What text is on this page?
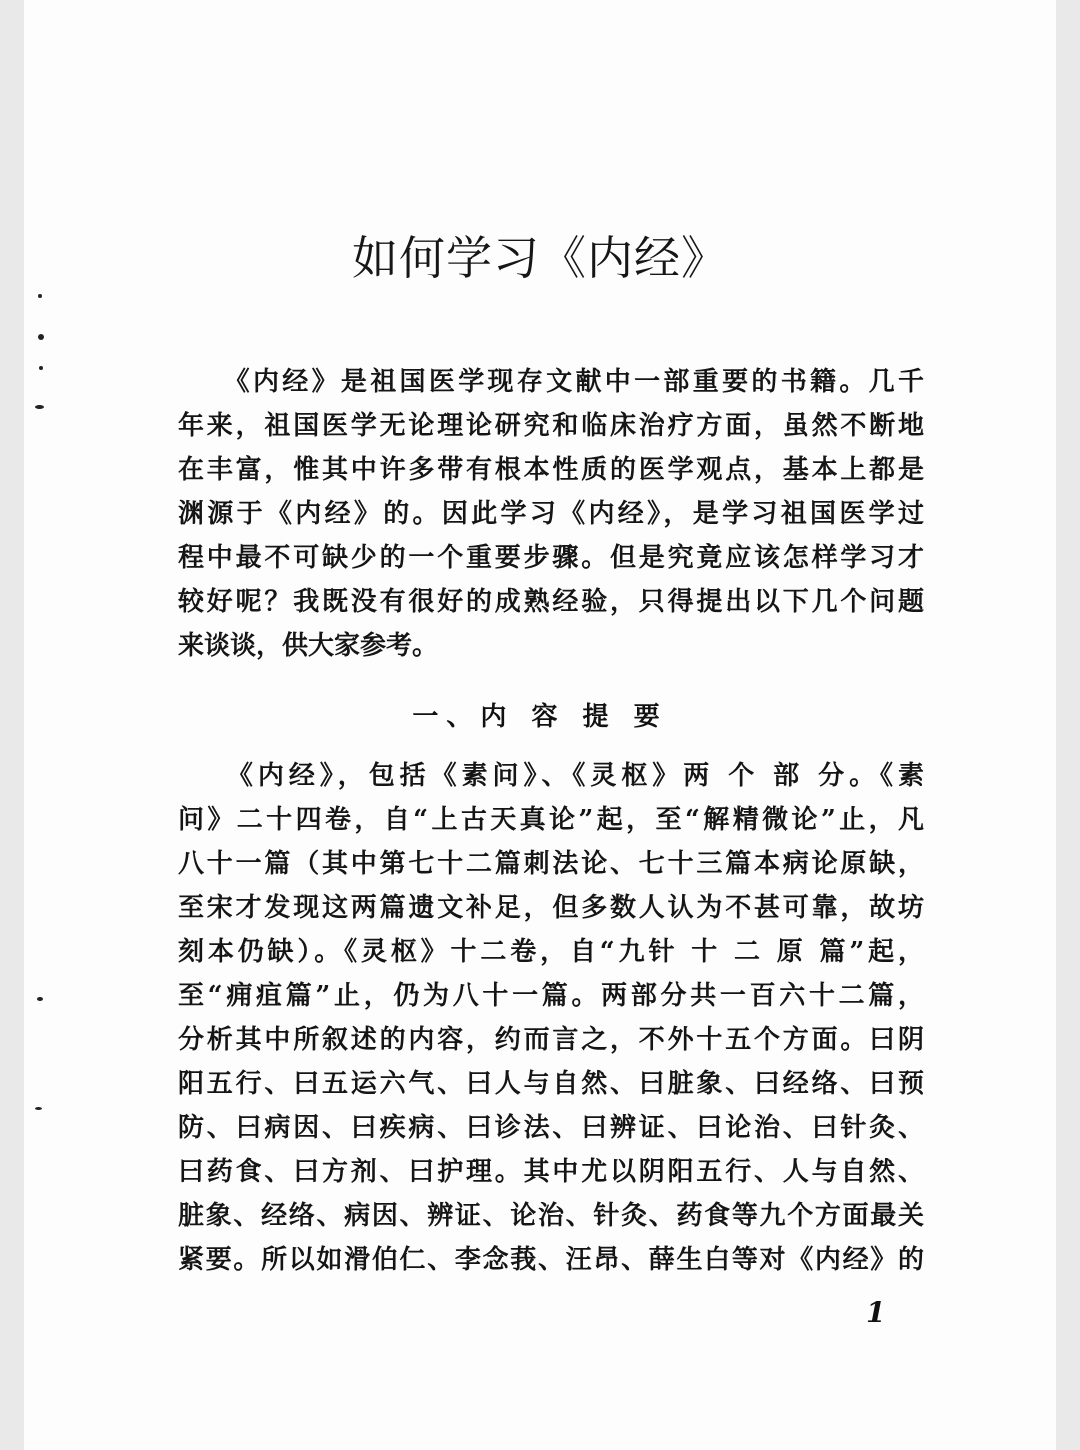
如何学习《内经》
　　《内经》是祖国医学现存文献中一部重要的书籍。几千
年来，祖国医学无论理论研究和临床治疗方面，虽然不断地
在丰富，惟其中许多带有根本性质的医学观点，基本上都是
渊源于《内经》的。因此学习《内经》，是学习祖国医学过
程中最不可缺少的一个重要步骤。但是究竟应该怎样学习才
较好呢？我既没有很好的成熟经验，只得提出以下几个问题
来谈谈，供大家参考。
一、内 容 提 要
　　《内经》，包括《素问》、《灵枢》两 个 部 分。《素
问》二十四卷，自“上古天真论”起，至“解精微论”止，凡
八十一篇（其中第七十二篇刺法论、七十三篇本病论原缺，
至宋才发现这两篇遗文补足，但多数人认为不甚可靠，故坊
刻本仍缺）。《灵枢》十二卷，自“九针 十 二 原 篇”起，
至“痈疽篇”止，仍为八十一篇。两部分共一百六十二篇，
分析其中所叙述的内容，约而言之，不外十五个方面。曰阴
阳五行、曰五运六气、曰人与自然、曰脏象、曰经络、曰预
防、曰病因、曰疾病、曰诊法、曰辨证、曰论治、曰针灸、
曰药食、曰方剂、曰护理。其中尤以阴阳五行、人与自然、
脏象、经络、病因、辨证、论治、针灸、药食等九个方面最关
紧要。所以如滑伯仁、李念莪、汪昂、薛生白等对《内经》的
1
